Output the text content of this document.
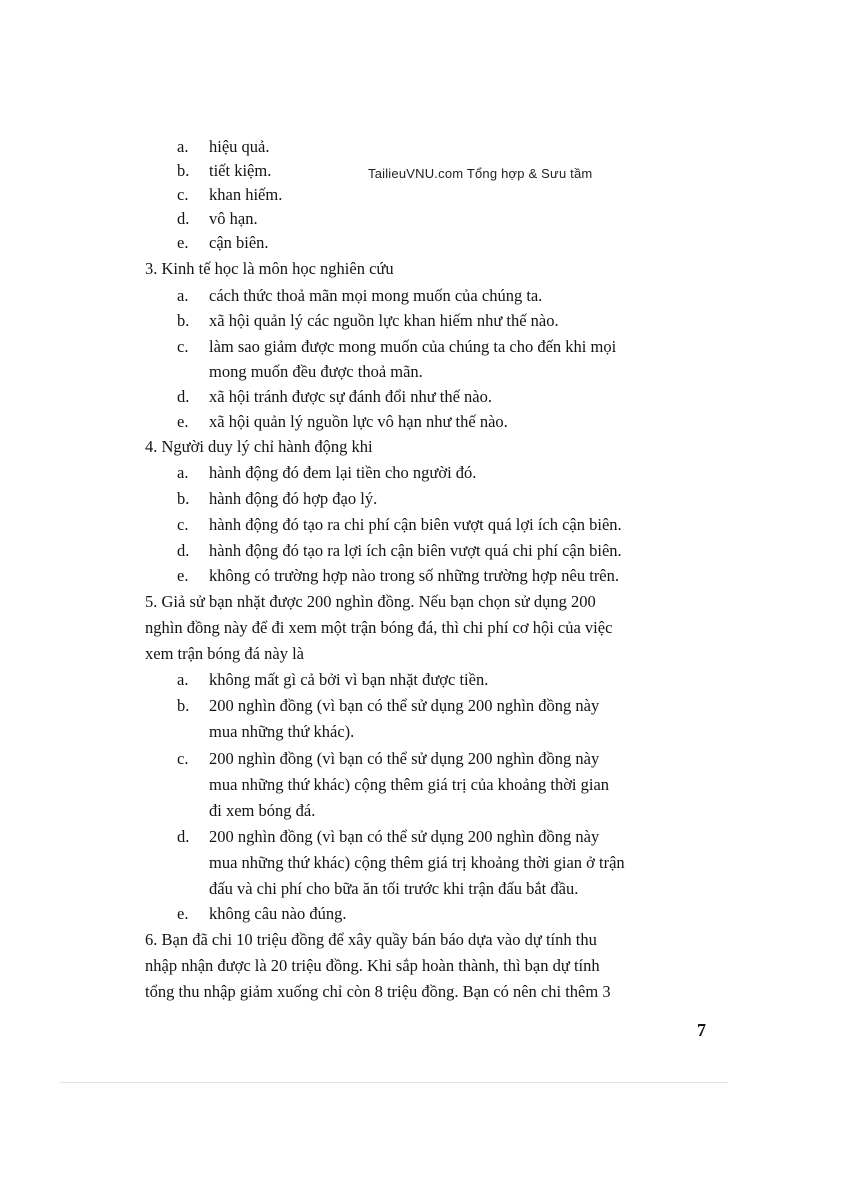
TailieuVNU.com Tổng hợp & Sưu tầm
a. hiệu quả.
b. tiết kiệm.
c. khan hiếm.
d. vô hạn.
e. cận biên.
3. Kinh tế học là môn học nghiên cứu
a. cách thức thoả mãn mọi mong muốn của chúng ta.
b. xã hội quản lý các nguồn lực khan hiếm như thế nào.
c. làm sao giảm được mong muốn của chúng ta cho đến khi mọi
mong muốn đều được thoả mãn.
d. xã hội tránh được sự đánh đổi như thế nào.
e. xã hội quản lý nguồn lực vô hạn như thế nào.
4. Người duy lý chỉ hành động khi
a. hành động đó đem lại tiền cho người đó.
b. hành động đó hợp đạo lý.
c. hành động đó tạo ra chi phí cận biên vượt quá lợi ích cận biên.
d. hành động đó tạo ra lợi ích cận biên vượt quá chi phí cận biên.
e. không có trường hợp nào trong số những trường hợp nêu trên.
5. Giả sử bạn nhặt được 200 nghìn đồng. Nếu bạn chọn sử dụng 200
nghìn đồng này để đi xem một trận bóng đá, thì chi phí cơ hội của việc
xem trận bóng đá này là
a. không mất gì cả bởi vì bạn nhặt được tiền.
b. 200 nghìn đồng (vì bạn có thể sử dụng 200 nghìn đồng này
mua những thứ khác).
c. 200 nghìn đồng (vì bạn có thể sử dụng 200 nghìn đồng này
mua những thứ khác) cộng thêm giá trị của khoảng thời gian
đi xem bóng đá.
d. 200 nghìn đồng (vì bạn có thể sử dụng 200 nghìn đồng này
mua những thứ khác) cộng thêm giá trị khoảng thời gian ở trận
đấu và chi phí cho bữa ăn tối trước khi trận đấu bắt đầu.
e. không câu nào đúng.
6. Bạn đã chi 10 triệu đồng để xây quầy bán báo dựa vào dự tính thu
nhập nhận được là 20 triệu đồng. Khi sắp hoàn thành, thì bạn dự tính
tổng thu nhập giảm xuống chỉ còn 8 triệu đồng. Bạn có nên chi thêm 3
7
